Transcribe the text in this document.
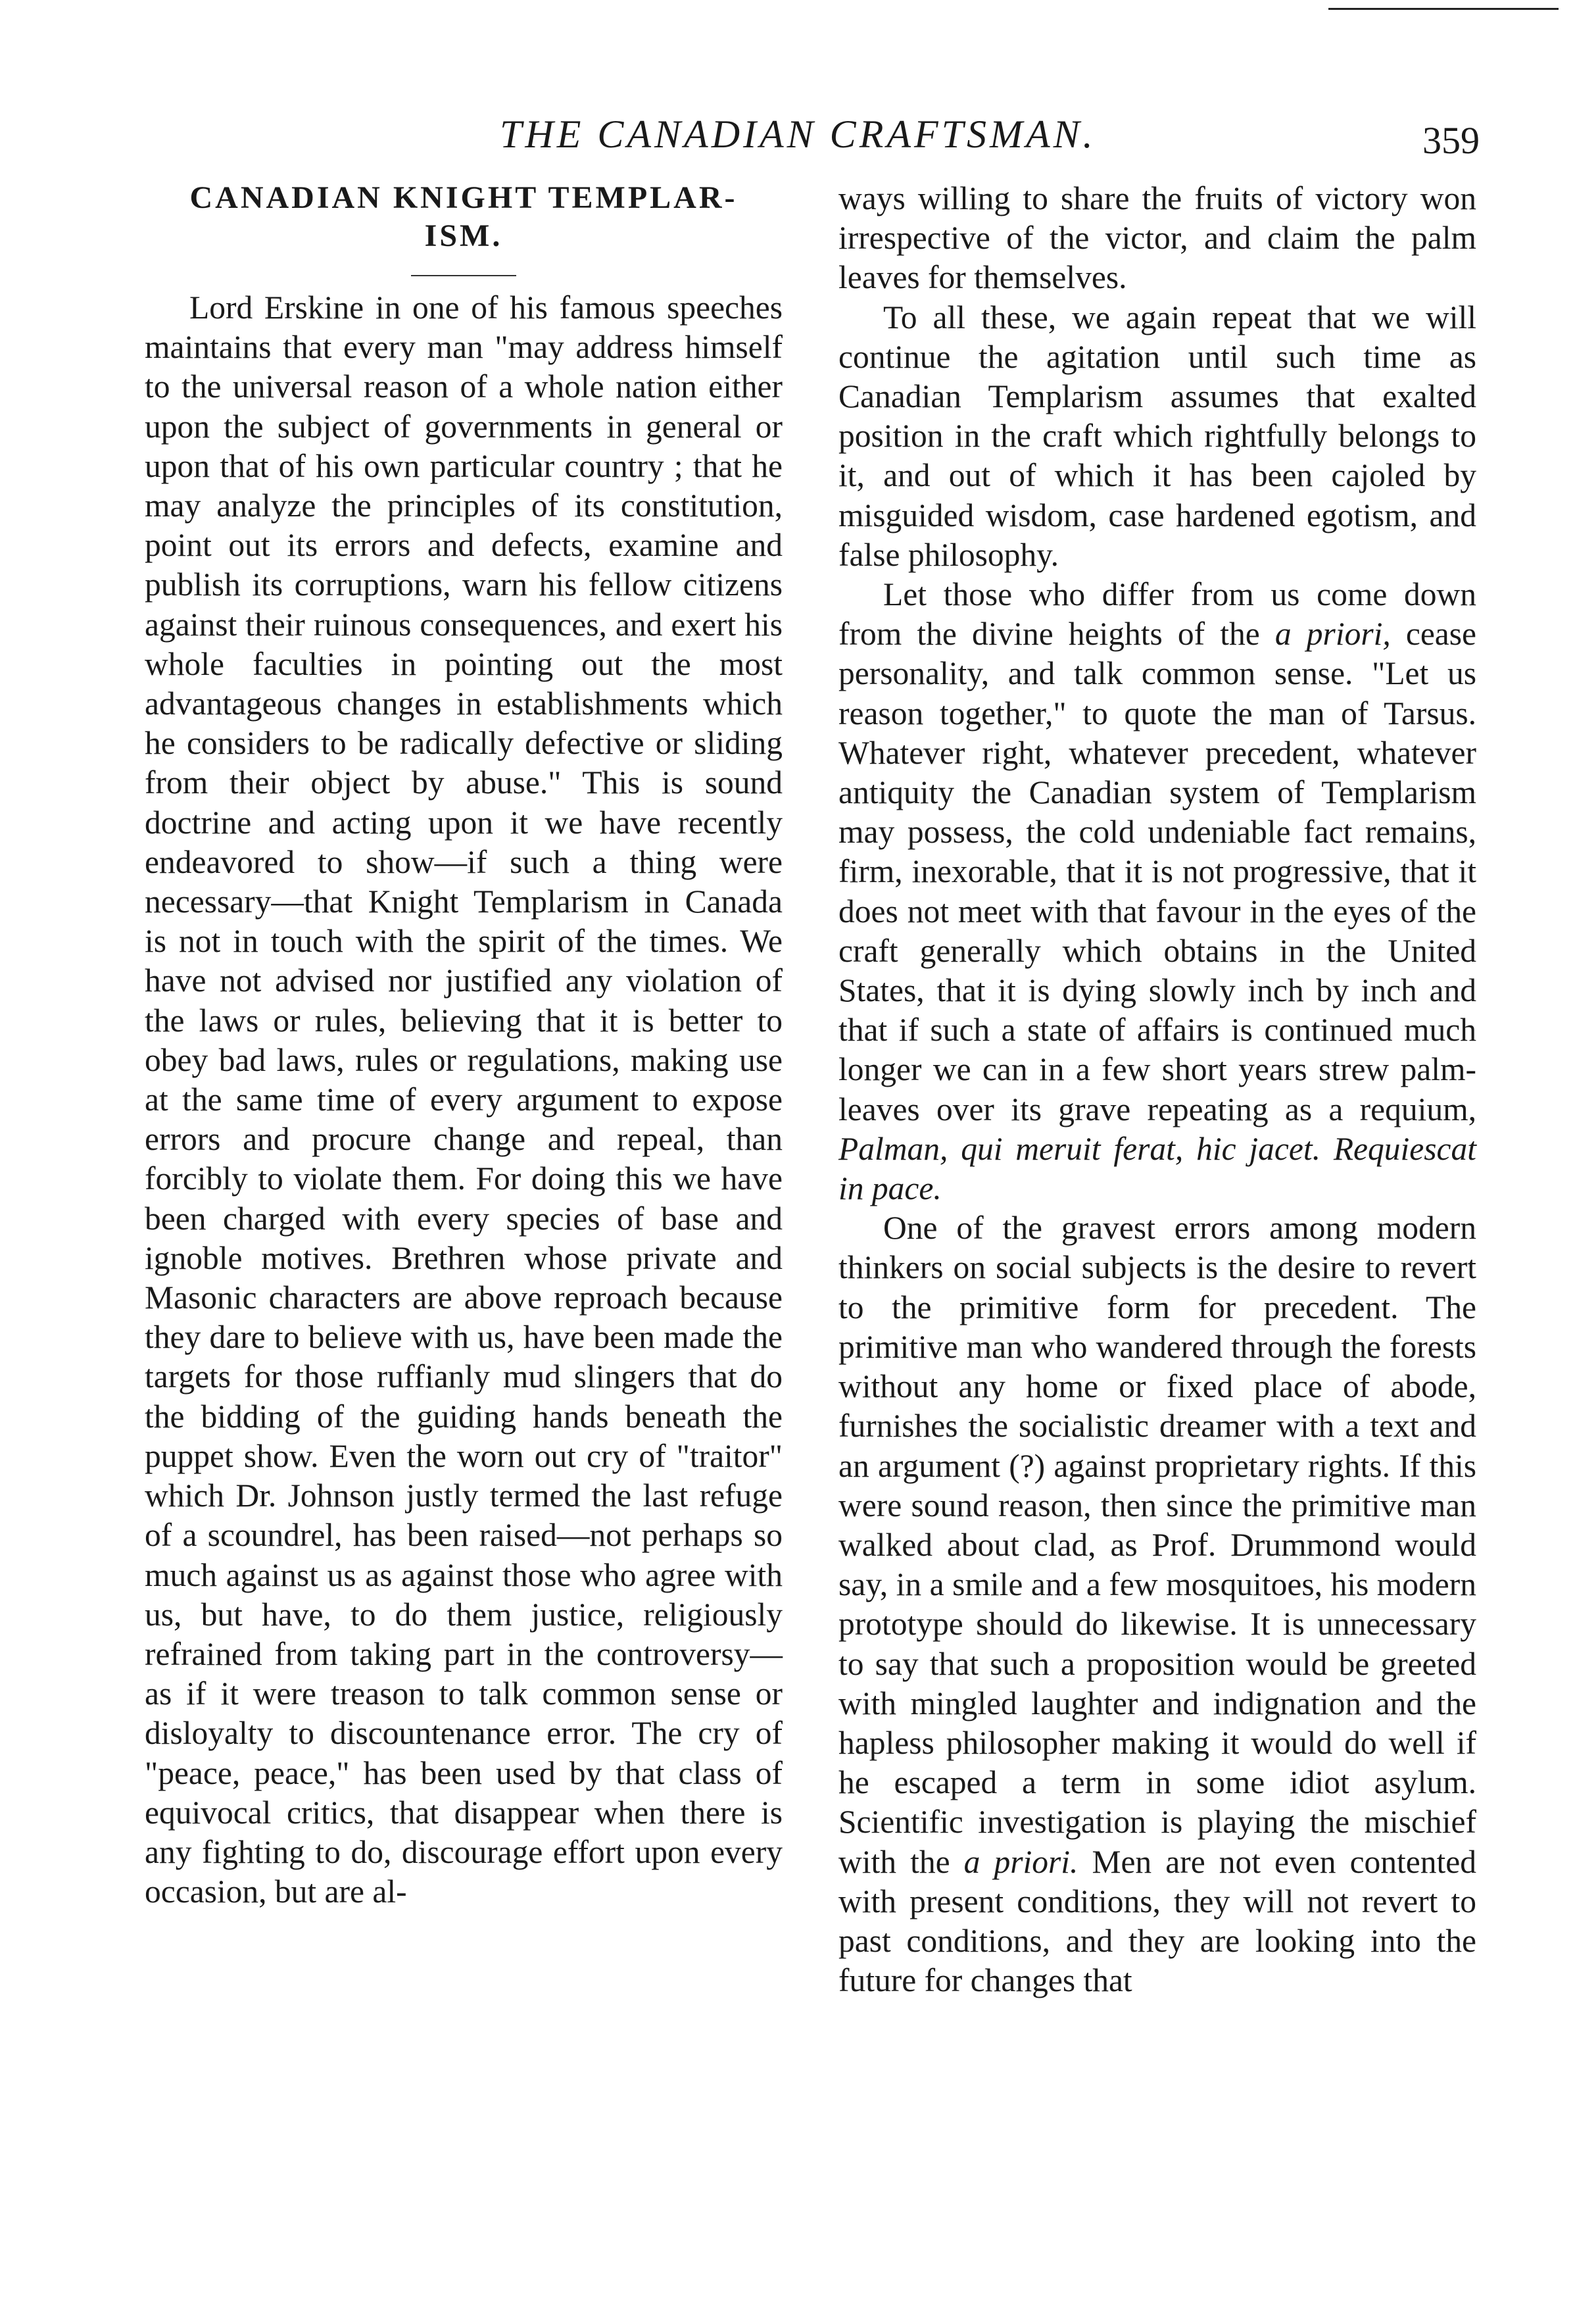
THE CANADIAN CRAFTSMAN.	359
CANADIAN KNIGHT TEMPLAR-
ISM.

Lord Erskine in one of his famous speeches maintains that every man "may address himself to the universal reason of a whole nation either upon the subject of governments in general or upon that of his own particular country ; that he may analyze the principles of its constitution, point out its errors and defects, examine and publish its corruptions, warn his fellow citizens against their ruinous consequences, and exert his whole faculties in pointing out the most advantageous changes in establishments which he considers to be radically defective or sliding from their object by abuse." This is sound doctrine and acting upon it we have recently endeavored to show—if such a thing were necessary—that Knight Templarism in Canada is not in touch with the spirit of the times. We have not advised nor justified any violation of the laws or rules, believing that it is better to obey bad laws, rules or regulations, making use at the same time of every argument to expose errors and procure change and repeal, than forcibly to violate them. For doing this we have been charged with every species of base and ignoble motives. Brethren whose private and Masonic characters are above reproach because they dare to believe with us, have been made the targets for those ruffianly mud slingers that do the bidding of the guiding hands beneath the puppet show. Even the worn out cry of "traitor" which Dr. Johnson justly termed the last refuge of a scoundrel, has been raised—not perhaps so much against us as against those who agree with us, but have, to do them justice, religiously refrained from taking part in the controversy—as if it were treason to talk common sense or disloyalty to discountenance error. The cry of "peace, peace," has been used by that class of equivocal critics, that disappear when there is any fighting to do, discourage effort upon every occasion, but are al-

ways willing to share the fruits of victory won irrespective of the victor, and claim the palm leaves for themselves.

To all these, we again repeat that we will continue the agitation until such time as Canadian Templarism assumes that exalted position in the craft which rightfully belongs to it, and out of which it has been cajoled by misguided wisdom, case hardened egotism, and false philosophy.

Let those who differ from us come down from the divine heights of the a priori, cease personality, and talk common sense. "Let us reason together," to quote the man of Tarsus. Whatever right, whatever precedent, whatever antiquity the Canadian system of Templarism may possess, the cold undeniable fact remains, firm, inexorable, that it is not progressive, that it does not meet with that favour in the eyes of the craft generally which obtains in the United States, that it is dying slowly inch by inch and that if such a state of affairs is continued much longer we can in a few short years strew palm-leaves over its grave repeating as a requium, Palman, qui meruit ferat, hic jacet. Requiescat in pace.

One of the gravest errors among modern thinkers on social subjects is the desire to revert to the primitive form for precedent. The primitive man who wandered through the forests without any home or fixed place of abode, furnishes the socialistic dreamer with a text and an argument (?) against proprietary rights. If this were sound reason, then since the primitive man walked about clad, as Prof. Drummond would say, in a smile and a few mosquitoes, his modern prototype should do likewise. It is unnecessary to say that such a proposition would be greeted with mingled laughter and indignation and the hapless philosopher making it would do well if he escaped a term in some idiot asylum. Scientific investigation is playing the mischief with the a priori. Men are not even contented with present conditions, they will not revert to past conditions, and they are looking into the future for changes that
